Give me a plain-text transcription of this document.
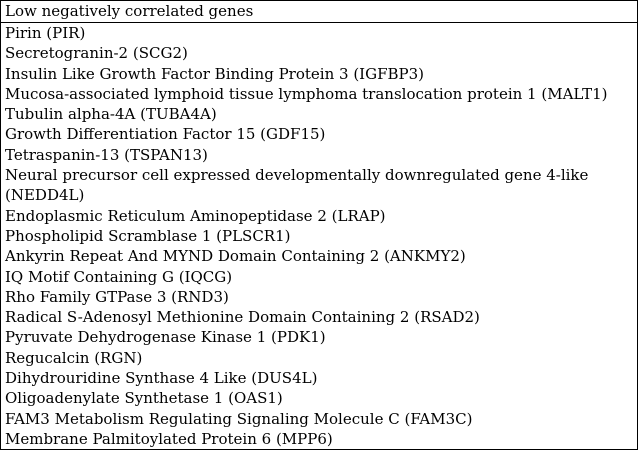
Low negatively correlated genes
Pirin (PIR)
Secretogranin-2 (SCG2)
Insulin Like Growth Factor Binding Protein 3 (IGFBP3)
Mucosa-associated lymphoid tissue lymphoma translocation protein 1 (MALT1)
Tubulin alpha-4A (TUBA4A)
Growth Differentiation Factor 15 (GDF15)
Tetraspanin-13 (TSPAN13)
Neural precursor cell expressed developmentally downregulated gene 4-like
(NEDD4L)
Endoplasmic Reticulum Aminopeptidase 2 (LRAP)
Phospholipid Scramblase 1 (PLSCR1)
Ankyrin Repeat And MYND Domain Containing 2 (ANKMY2)
IQ Motif Containing G (IQCG)
Rho Family GTPase 3 (RND3)
Radical S-Adenosyl Methionine Domain Containing 2 (RSAD2)
Pyruvate Dehydrogenase Kinase 1 (PDK1)
Regucalcin (RGN)
Dihydrouridine Synthase 4 Like (DUS4L)
Oligoadenylate Synthetase 1 (OAS1)
FAM3 Metabolism Regulating Signaling Molecule C (FAM3C)
Membrane Palmitoylated Protein 6 (MPP6)
